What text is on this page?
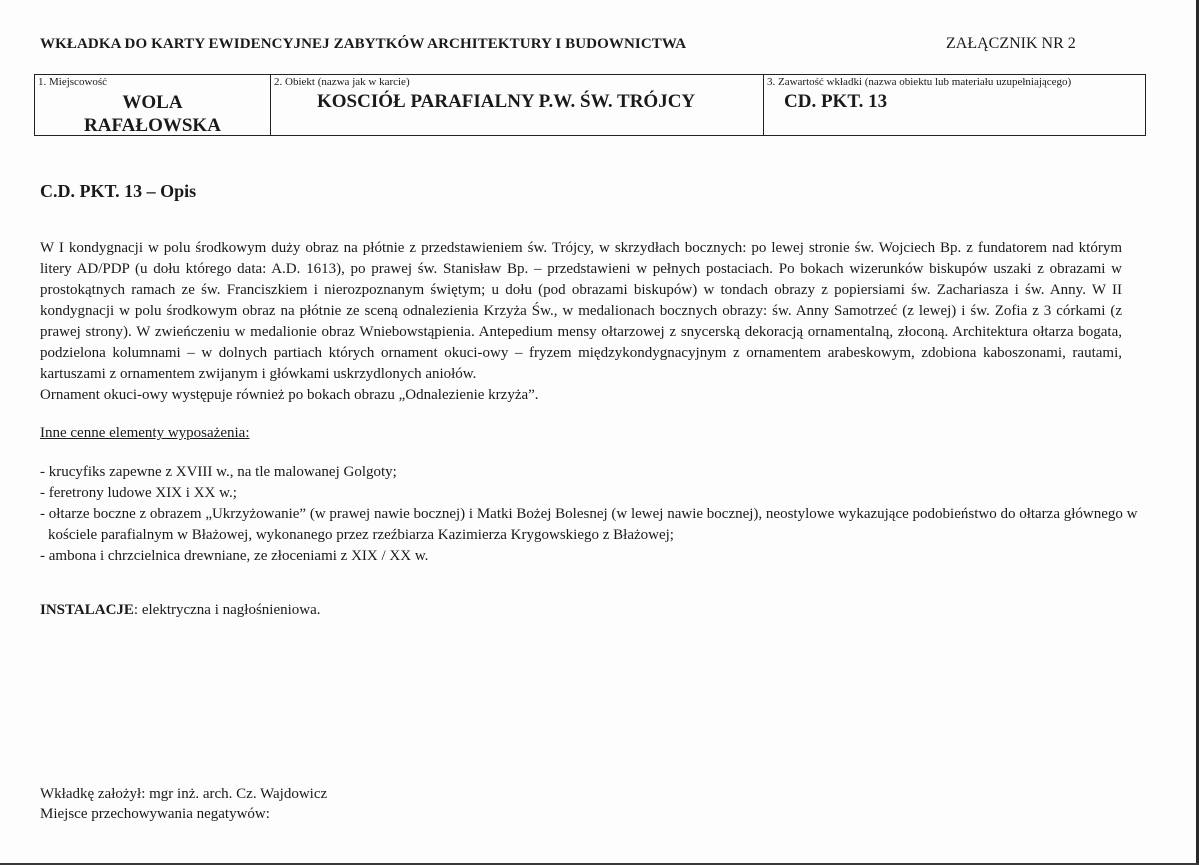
WKŁADKA DO KARTY EWIDENCYJNEJ ZABYTKÓW ARCHITEKTURY I BUDOWNICTWA	ZAŁĄCZNIK NR 2
1. Miejscowość
WOLA
RAFAŁOWSKA
2. Obiekt (nazwa jak w karcie)
KOSCIÓŁ PARAFIALNY P.W. ŚW. TRÓJCY
3. Zawartość wkładki (nazwa obiektu lub materiału uzupełniającego)
CD. PKT. 13
C.D. PKT. 13 – Opis
W I kondygnacji w polu środkowym duży obraz na płótnie z przedstawieniem św. Trójcy, w skrzydłach bocznych: po lewej stronie św. Wojciech Bp. z fundatorem nad którym litery AD/PDP (u dołu którego data: A.D. 1613), po prawej św. Stanisław Bp. – przedstawieni w pełnych postaciach. Po bokach wizerunków biskupów uszaki z obrazami w prostokątnych ramach ze św. Franciszkiem i nierozpoznanym świętym; u dołu (pod obrazami biskupów) w tondach obrazy z popiersiami św. Zachariasza i św. Anny. W II kondygnacji w polu środkowym obraz na płótnie ze sceną odnalezienia Krzyża Św., w medalionach bocznych obrazy: św. Anny Samotrzeć (z lewej) i św. Zofia z 3 córkami (z prawej strony). W zwieńczeniu w medalionie obraz Wniebowstąpienia. Antepedium mensy ołtarzowej z snycerską dekoracją ornamentalną, złoconą. Architektura ołtarza bogata, podzielona kolumnami – w dolnych partiach których ornament okuci-owy – fryzem międzykondygnacyjnym z ornamentem arabeskowym, zdobiona kaboszonami, rautami, kartuszami z ornamentem zwijanym i główkami uskrzydlonych aniołów.
Ornament okuci-owy występuje również po bokach obrazu „Odnalezienie krzyża”.
Inne cenne elementy wyposażenia:
- krucyfiks zapewne z XVIII w., na tle malowanej Golgoty;
- feretrony ludowe XIX i XX w.;
- ołtarze boczne z obrazem „Ukrzyżowanie” (w prawej nawie bocznej) i Matki Bożej Bolesnej (w lewej nawie bocznej), neostylowe wykazujące podobieństwo do ołtarza głównego w kościele parafialnym w Błażowej, wykonanego przez rzeźbiarza Kazimierza Krygowskiego z Błażowej;
- ambona i chrzcielnica drewniane, ze złoceniami z XIX / XX w.
INSTALACJE: elektryczna i nagłośnieniowa.
Wkładkę założył: mgr inż. arch. Cz. Wajdowicz
Miejsce przechowywania negatywów:
